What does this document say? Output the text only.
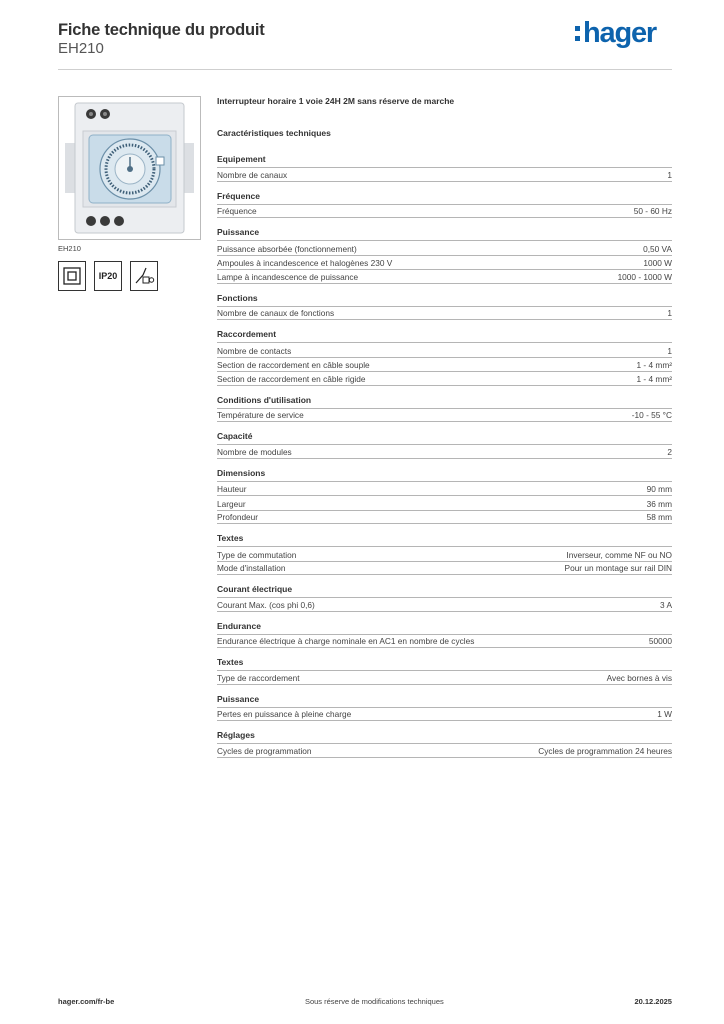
Fiche technique du produit
EH210	hager
EH210
IP20
Interrupteur horaire 1 voie 24H 2M sans réserve de marche
Caractéristiques techniques
Equipement
Nombre de canaux	1
Fréquence
Fréquence	50 - 60 Hz
Puissance
Puissance absorbée (fonctionnement)	0,50 VA
Ampoules à incandescence et halogènes 230 V	1000 W
Lampe à incandescence de puissance	1000 - 1000 W
Fonctions
Nombre de canaux de fonctions	1
Raccordement
Nombre de contacts	1
Section de raccordement en câble souple	1 - 4 mm²
Section de raccordement en câble rigide	1 - 4 mm²
Conditions d'utilisation
Température de service	-10 - 55 °C
Capacité
Nombre de modules	2
Dimensions
Hauteur	90 mm
Largeur	36 mm
Profondeur	58 mm
Textes
Type de commutation	Inverseur, comme NF ou NO
Mode d'installation	Pour un montage sur rail DIN
Courant électrique
Courant Max. (cos phi 0,6)	3 A
Endurance
Endurance électrique à charge nominale en AC1 en nombre de cycles	50000
Textes
Type de raccordement	Avec bornes à vis
Puissance
Pertes en puissance à pleine charge	1 W
Réglages
Cycles de programmation	Cycles de programmation 24 heures
hager.com/fr-be	Sous réserve de modifications techniques	20.12.2025
